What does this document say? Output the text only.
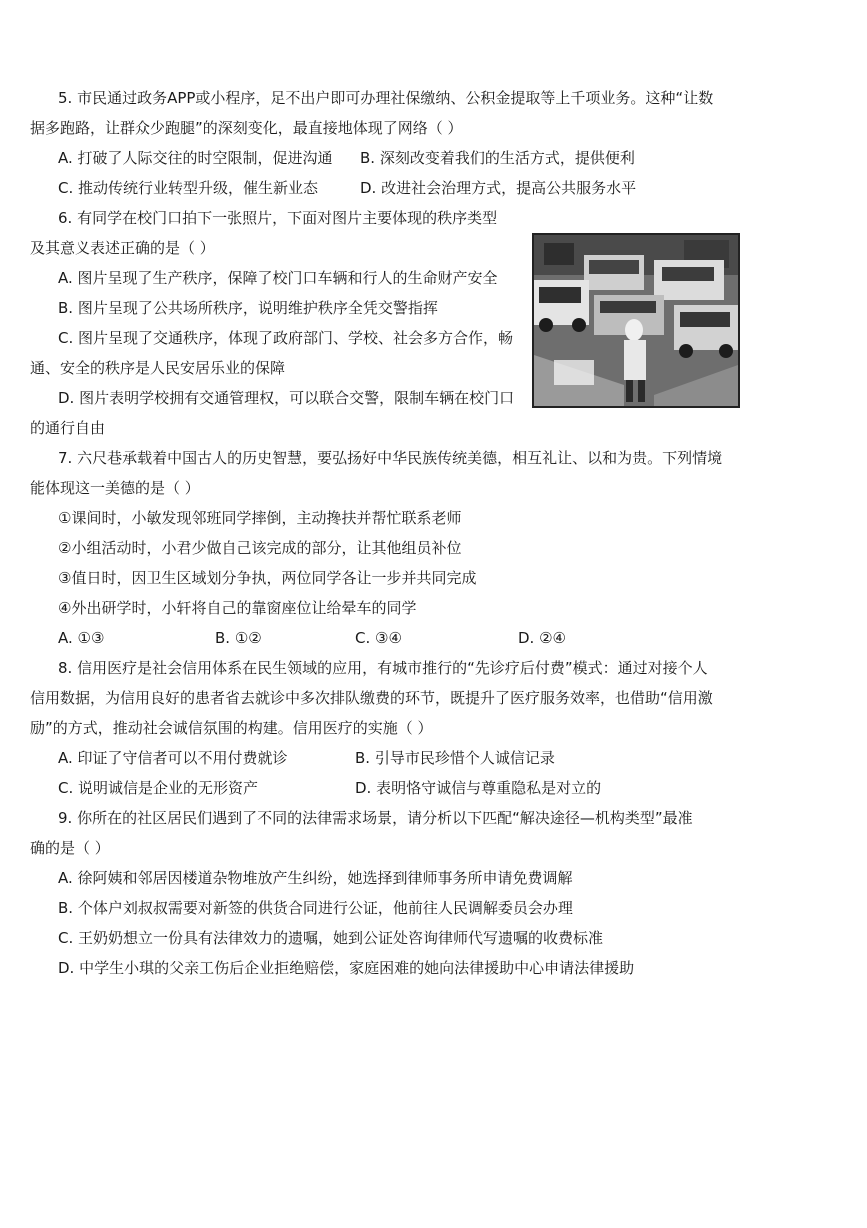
5. 市民通过政务APP或小程序，足不出户即可办理社保缴纳、公积金提取等上千项业务。这种“让数
据多跑路，让群众少跑腿”的深刻变化，最直接地体现了网络（ ）
A. 打破了人际交往的时空限制，促进沟通 B. 深刻改变着我们的生活方式，提供便利
C. 推动传统行业转型升级，催生新业态	D. 改进社会治理方式，提高公共服务水平
6. 有同学在校门口拍下一张照片，下面对图片主要体现的秩序类型
及其意义表述正确的是（ ）
A. 图片呈现了生产秩序，保障了校门口车辆和行人的生命财产安全
B. 图片呈现了公共场所秩序，说明维护秩序全凭交警指挥
C. 图片呈现了交通秩序，体现了政府部门、学校、社会多方合作，畅
通、安全的秩序是人民安居乐业的保障
D. 图片表明学校拥有交通管理权，可以联合交警，限制车辆在校门口
的通行自由
7. 六尺巷承载着中国古人的历史智慧，要弘扬好中华民族传统美德，相互礼让、以和为贵。下列情境
能体现这一美德的是（ ）
①课间时，小敏发现邻班同学摔倒，主动搀扶并帮忙联系老师
②小组活动时，小君少做自己该完成的部分，让其他组员补位
③值日时，因卫生区域划分争执，两位同学各让一步并共同完成
④外出研学时，小轩将自己的靠窗座位让给晕车的同学
A. ①③	B. ①②	C. ③④	D. ②④
8. 信用医疗是社会信用体系在民生领域的应用，有城市推行的“先诊疗后付费”模式：通过对接个人
信用数据，为信用良好的患者省去就诊中多次排队缴费的环节，既提升了医疗服务效率，也借助“信用激
励”的方式，推动社会诚信氛围的构建。信用医疗的实施（ ）
A. 印证了守信者可以不用付费就诊	B. 引导市民珍惜个人诚信记录
C. 说明诚信是企业的无形资产	D. 表明恪守诚信与尊重隐私是对立的
9. 你所在的社区居民们遇到了不同的法律需求场景，请分析以下匹配“解决途径—机构类型”最准
确的是（ ）
A. 徐阿姨和邻居因楼道杂物堆放产生纠纷，她选择到律师事务所申请免费调解
B. 个体户刘叔叔需要对新签的供货合同进行公证，他前往人民调解委员会办理
C. 王奶奶想立一份具有法律效力的遗嘱，她到公证处咨询律师代写遗嘱的收费标准
D. 中学生小琪的父亲工伤后企业拒绝赔偿，家庭困难的她向法律援助中心申请法律援助
